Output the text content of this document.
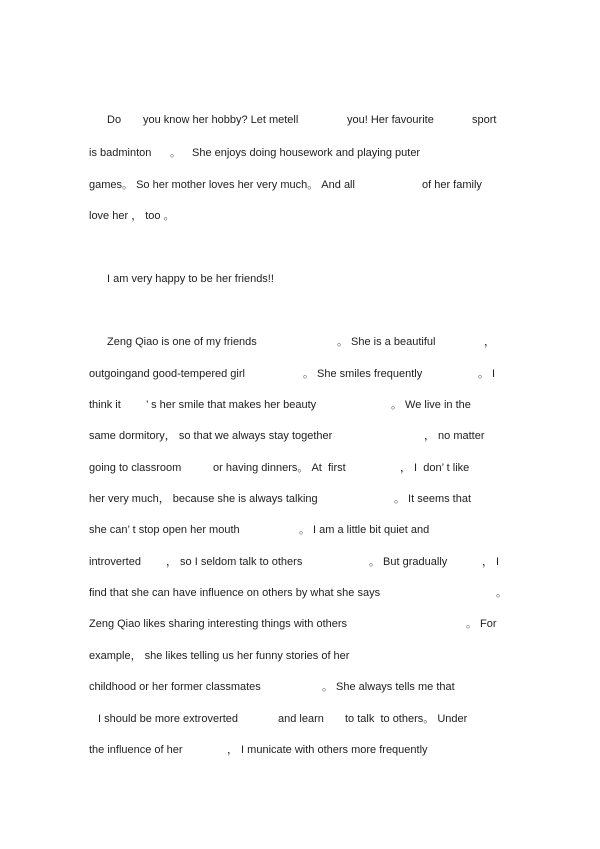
Do

you know her hobby? Let metell

	you! Her favourite

	sport

is badminton

。

She enjoys doing housework and playing puter

games。 So her mother loves her very much。 And all

	of her family

love her ， too 。

I am very happy to be her friends!!

Zeng Qiao is one of my friends

	。 She is a beautiful

	，

outgoingand good-tempered girl

	。 She smiles frequently

	。 I

think it

’ s her smile that makes her beauty

	。 We live in the

same dormitory， so that we always stay together

	， no matter

going to classroom

	or having dinners。 At  first

	， I  don’ t like

her very much， because she is always talking

	。 It seems that

she can’ t stop open her mouth

	。 I am a little bit quiet and

introverted

， so I seldom talk to others

	。 But gradually

	， I

find that she can have influence on others by what she says

	。

Zeng Qiao likes sharing interesting things with others

	。 For

example， she likes telling us her funny stories of her

childhood or her former classmates

	。 She always tells me that

I should be more extroverted

	and learn

to talk  to others。 Under

the influence of her

	， I municate with others more frequently
